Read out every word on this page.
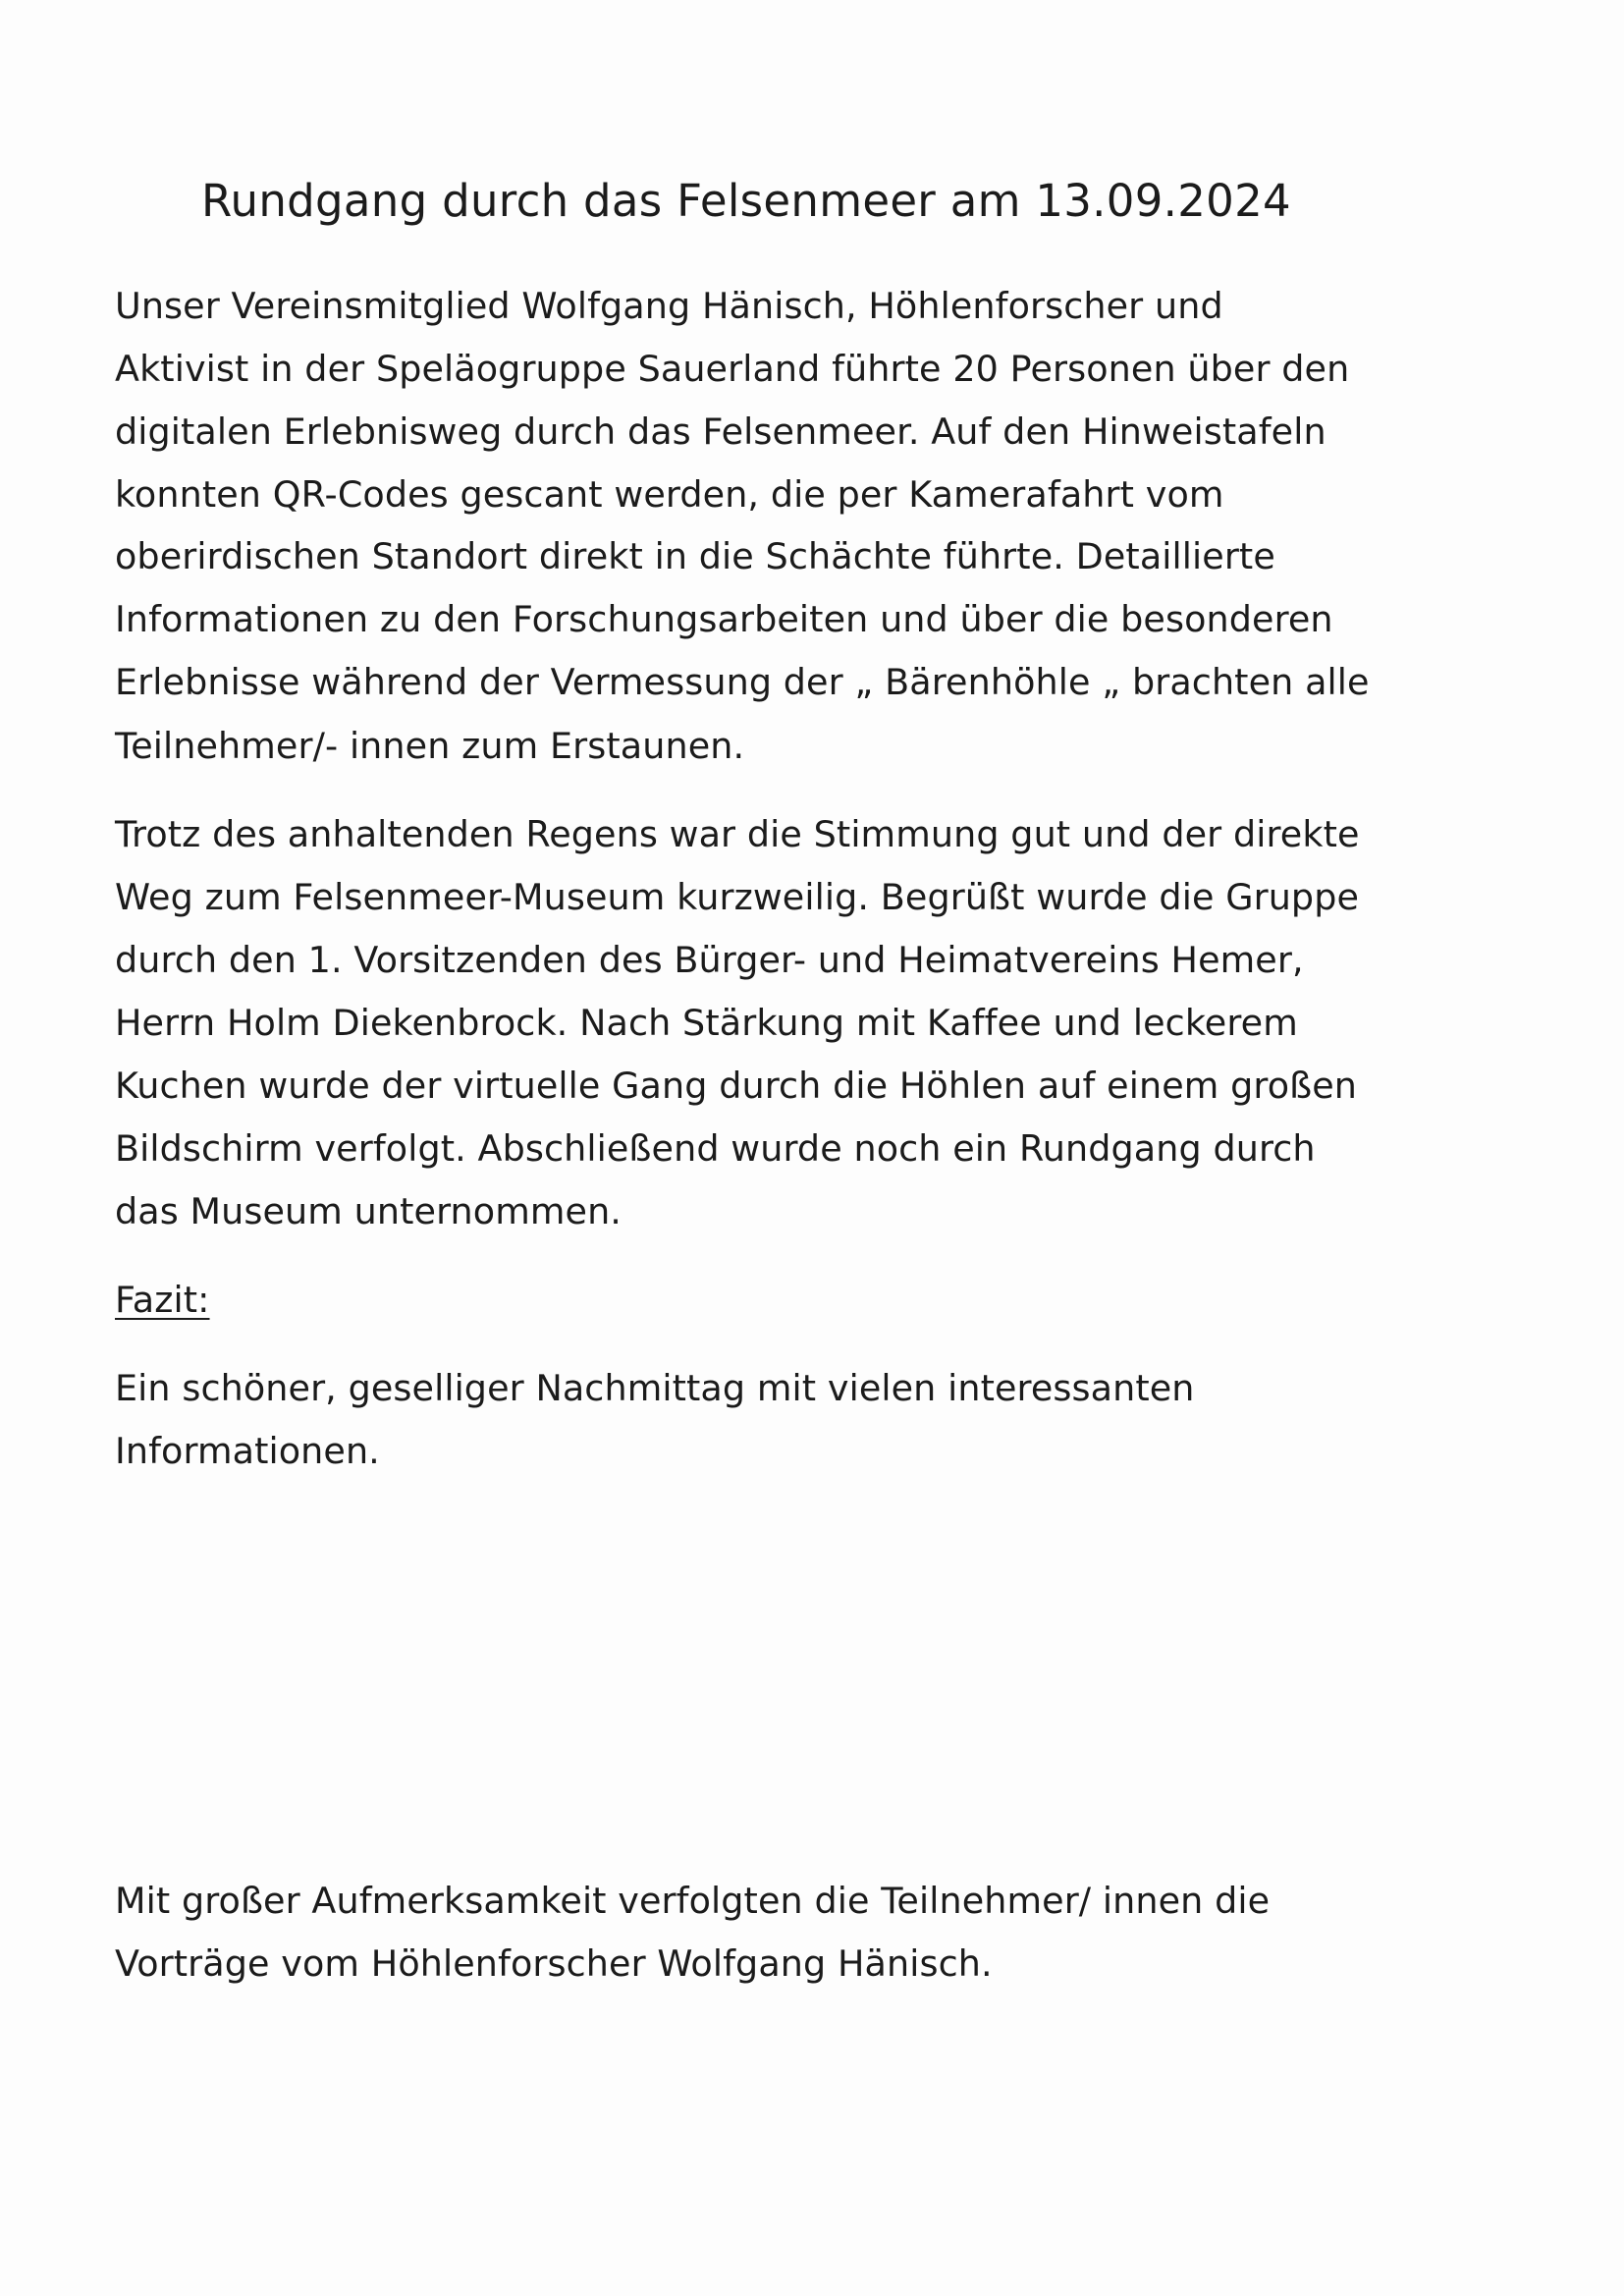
Rundgang durch das Felsenmeer am 13.09.2024
Unser Vereinsmitglied Wolfgang Hänisch, Höhlenforscher und
Aktivist in der Speläogruppe Sauerland führte 20 Personen über den
digitalen Erlebnisweg durch das Felsenmeer. Auf den Hinweistafeln
konnten QR-Codes gescant werden, die per Kamerafahrt vom
oberirdischen Standort direkt in die Schächte führte. Detaillierte
Informationen zu den Forschungsarbeiten und über die besonderen
Erlebnisse während der Vermessung der „ Bärenhöhle „ brachten alle
Teilnehmer/- innen zum Erstaunen.
Trotz des anhaltenden Regens war die Stimmung gut und der direkte
Weg zum Felsenmeer-Museum kurzweilig. Begrüßt wurde die Gruppe
durch den 1. Vorsitzenden des Bürger- und Heimatvereins Hemer,
Herrn Holm Diekenbrock. Nach Stärkung mit Kaffee und leckerem
Kuchen wurde der virtuelle Gang durch die Höhlen auf einem großen
Bildschirm verfolgt. Abschließend wurde noch ein Rundgang durch
das Museum unternommen.
Fazit:
Ein schöner, geselliger Nachmittag mit vielen interessanten
Informationen.
Mit großer Aufmerksamkeit verfolgten die Teilnehmer/ innen die
Vorträge vom Höhlenforscher Wolfgang Hänisch.
